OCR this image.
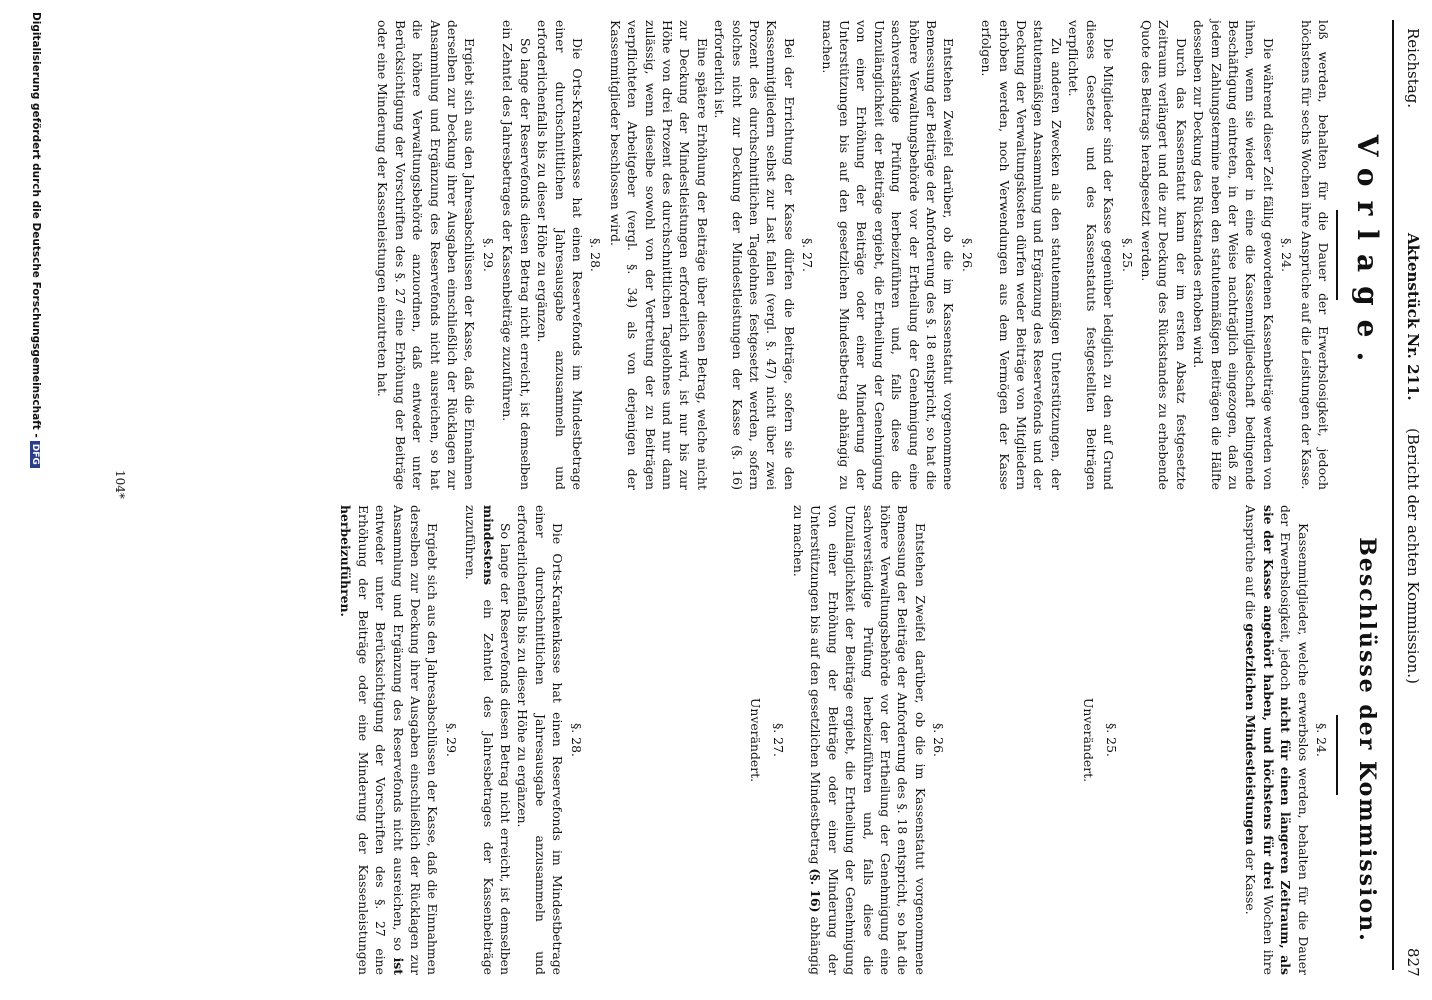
Reichstag.
Aktenstück Nr. 211.
(Bericht der achten Kommission.)
827
Vorlage.

loß werden, behalten für die Dauer der Erwerbslosigkeit, jedoch höchstens für sechs Wochen ihre Ansprüche auf die Leistungen der Kasse.

§. 24.

Die während dieser Zeit fällig gewordenen Kassenbeiträge werden von ihnen, wenn sie wieder in eine die Kassenmitgliedschaft bedingende Beschäftigung eintreten, in der Weise nachträglich eingezogen, daß zu jedem Zahlungstermine neben den statutenmäßigen Beiträgen die Hälfte desselben zur Deckung des Rückstandes erhoben wird.

Durch das Kassenstatut kann der im ersten Absatz festgesetzte Zeitraum verlängert und die zur Deckung des Rückstandes zu erhebende Quote des Beitrags herabgesetzt werden.

§. 25.

Die Mitglieder sind der Kasse gegenüber lediglich zu den auf Grund dieses Gesetzes und des Kassenstatuts festgestellten Beiträgen verpflichtet.

Zu anderen Zwecken als den statutenmäßigen Unterstützungen, der statutenmäßigen Ansammlung und Ergänzung des Reservefonds und der Deckung der Verwaltungskosten dürfen weder Beiträge von Mitgliedern erhoben werden, noch Verwendungen aus dem Vermögen der Kasse erfolgen.

§. 26.

Entstehen Zweifel darüber, ob die im Kassenstatut vorgenommene Bemessung der Beiträge der Anforderung des §. 18 entspricht, so hat die höhere Verwaltungsbehörde vor der Ertheilung der Genehmigung eine sachverständige Prüfung herbeizuführen und, falls diese die Unzulänglichkeit der Beiträge ergiebt, die Ertheilung der Genehmigung von einer Erhöhung der Beiträge oder einer Minderung der Unterstützungen bis auf den gesetzlichen Mindestbetrag abhängig zu machen.

§. 27.

Bei der Errichtung der Kasse dürfen die Beiträge, sofern sie den Kassenmitgliedern selbst zur Last fallen (vergl. §. 47) nicht über zwei Prozent des durchschnittlichen Tagelohnes festgesetzt werden, sofern solches nicht zur Deckung der Mindestleistungen der Kasse (§. 16) erforderlich ist.

Eine spätere Erhöhung der Beiträge über diesen Betrag, welche nicht zur Deckung der Mindestleistungen erforderlich wird, ist nur bis zur Höhe von drei Prozent des durchschnittlichen Tagelohnes und nur dann zulässig, wenn dieselbe sowohl von der Vertretung der zu Beiträgen verpflichteten Arbeitgeber (vergl. §. 34) als von derjenigen der Kassenmitglieder beschlossen wird.

§. 28.

Die Orts-Krankenkasse hat einen Reservefonds im Mindestbetrage einer durchschnittlichen Jahresausgabe anzusammeln und erforderlichenfalls bis zu dieser Höhe zu ergänzen.

So lange der Reservefonds diesen Betrag nicht erreicht, ist demselben ein Zehntel des Jahresbetrages der Kassenbeiträge zuzuführen.

§. 29.

Ergiebt sich aus den Jahresabschlüssen der Kasse, daß die Einnahmen derselben zur Deckung ihrer Ausgaben einschließlich der Rücklagen zur Ansammlung und Ergänzung des Reservefonds nicht ausreichen, so hat die höhere Verwaltungsbehörde anzuordnen, daß entweder unter Berücksichtigung der Vorschriften des §. 27 eine Erhöhung der Beiträge oder eine Minderung der Kassenleistungen einzutreten hat.

Beschlüsse der Kommission.
§. 24.

Kassenmitglieder, welche erwerbslos werden, behalten für die Dauer der Erwerbslosigkeit, jedoch nicht für einen längeren Zeitraum, als sie der Kasse angehört haben, und höchstens für drei Wochen ihre Ansprüche auf die gesetzlichen Mindestleistungen der Kasse.

§. 25.
Unverändert.
§. 26.

Entstehen Zweifel darüber, ob die im Kassenstatut vorgenommene Bemessung der Beiträge der Anforderung des §. 18 entspricht, so hat die höhere Verwaltungsbehörde vor der Ertheilung der Genehmigung eine sachverständige Prüfung herbeizuführen und, falls diese die Unzulänglichkeit der Beiträge ergiebt, die Ertheilung der Genehmigung von einer Erhöhung der Beiträge oder einer Minderung der Unterstützungen bis auf den gesetzlichen Mindestbetrag (§. 16) abhängig zu machen.

§. 27.
Unverändert.
§. 28.

Die Orts-Krankenkasse hat einen Reservefonds im Mindestbetrage einer durchschnittlichen Jahresausgabe anzusammeln und erforderlichenfalls bis zu dieser Höhe zu ergänzen.

So lange der Reservefonds diesen Betrag nicht erreicht, ist demselben mindestens ein Zehntel des Jahresbetrages der Kassenbeiträge zuzuführen.

§. 29.

Ergiebt sich aus den Jahresabschlüssen der Kasse, daß die Einnahmen derselben zur Deckung ihrer Ausgaben einschließlich der Rücklagen zur Ansammlung und Ergänzung des Reservefonds nicht ausreichen, so ist entweder unter Berücksichtigung der Vorschriften des §. 27 eine Erhöhung der Beiträge oder eine Minderung der Kassenleistungen herbeizuführen.

104*
Digitalisierung gefördert durch die Deutsche Forschungsgemeinschaft -DFG
